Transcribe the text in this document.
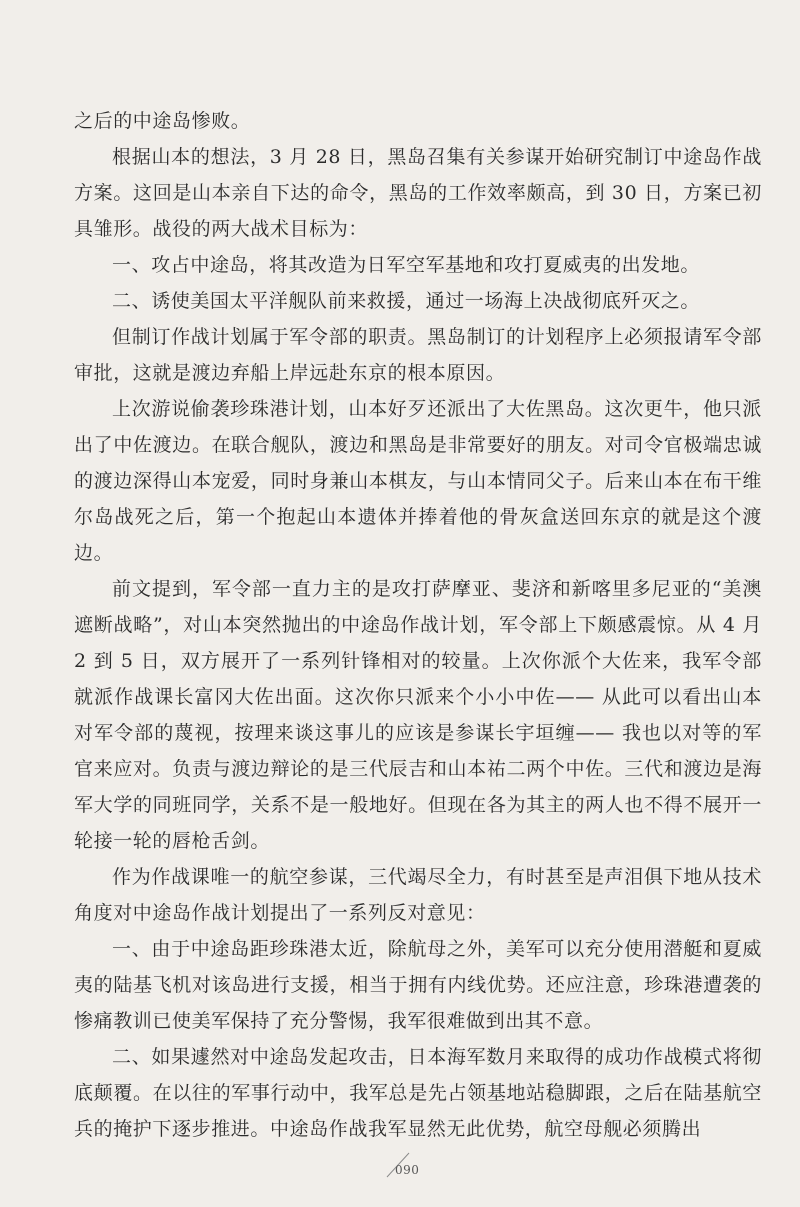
之后的中途岛惨败。

根据山本的想法，3 月 28 日，黑岛召集有关参谋开始研究制订中途岛作战方案。这回是山本亲自下达的命令，黑岛的工作效率颇高，到 30 日，方案已初具雏形。战役的两大战术目标为：

一、攻占中途岛，将其改造为日军空军基地和攻打夏威夷的出发地。

二、诱使美国太平洋舰队前来救援，通过一场海上决战彻底歼灭之。

但制订作战计划属于军令部的职责。黑岛制订的计划程序上必须报请军令部审批，这就是渡边弃船上岸远赴东京的根本原因。

上次游说偷袭珍珠港计划，山本好歹还派出了大佐黑岛。这次更牛，他只派出了中佐渡边。在联合舰队，渡边和黑岛是非常要好的朋友。对司令官极端忠诚的渡边深得山本宠爱，同时身兼山本棋友，与山本情同父子。后来山本在布干维尔岛战死之后，第一个抱起山本遗体并捧着他的骨灰盒送回东京的就是这个渡边。

前文提到，军令部一直力主的是攻打萨摩亚、斐济和新喀里多尼亚的“美澳遮断战略”，对山本突然抛出的中途岛作战计划，军令部上下颇感震惊。从 4 月 2 到 5 日，双方展开了一系列针锋相对的较量。上次你派个大佐来，我军令部就派作战课长富冈大佐出面。这次你只派来个小小中佐—— 从此可以看出山本对军令部的蔑视，按理来谈这事儿的应该是参谋长宇垣缠—— 我也以对等的军官来应对。负责与渡边辩论的是三代辰吉和山本祐二两个中佐。三代和渡边是海军大学的同班同学，关系不是一般地好。但现在各为其主的两人也不得不展开一轮接一轮的唇枪舌剑。

作为作战课唯一的航空参谋，三代竭尽全力，有时甚至是声泪俱下地从技术角度对中途岛作战计划提出了一系列反对意见：

一、由于中途岛距珍珠港太近，除航母之外，美军可以充分使用潜艇和夏威夷的陆基飞机对该岛进行支援，相当于拥有内线优势。还应注意，珍珠港遭袭的惨痛教训已使美军保持了充分警惕，我军很难做到出其不意。

二、如果遽然对中途岛发起攻击，日本海军数月来取得的成功作战模式将彻底颠覆。在以往的军事行动中，我军总是先占领基地站稳脚跟，之后在陆基航空兵的掩护下逐步推进。中途岛作战我军显然无此优势，航空母舰必须腾出

090
